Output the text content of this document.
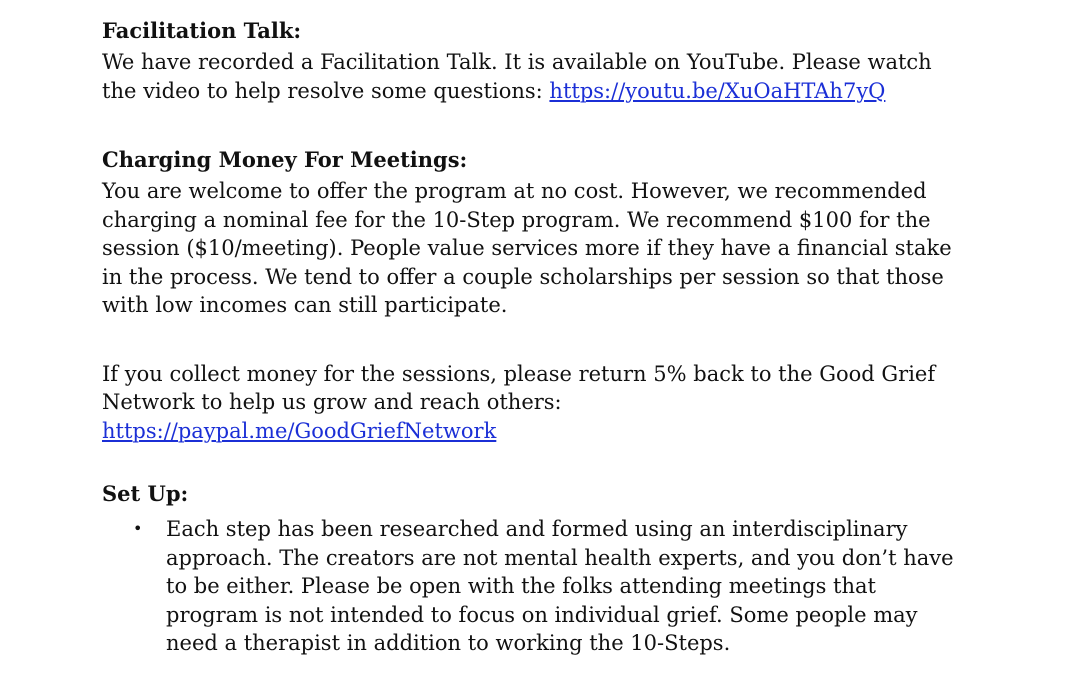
Facilitation Talk:

We have recorded a Facilitation Talk. It is available on YouTube. Please watch the video to help resolve some questions: https://youtu.be/XuOaHTAh7yQ

Charging Money For Meetings:

You are welcome to offer the program at no cost. However, we recommended charging a nominal fee for the 10-Step program. We recommend $100 for the session ($10/meeting). People value services more if they have a financial stake in the process. We tend to offer a couple scholarships per session so that those with low incomes can still participate.

If you collect money for the sessions, please return 5% back to the Good Grief Network to help us grow and reach others:
https://paypal.me/GoodGriefNetwork

Set Up:
• Each step has been researched and formed using an interdisciplinary approach. The creators are not mental health experts, and you don’t have to be either. Please be open with the folks attending meetings that program is not intended to focus on individual grief. Some people may need a therapist in addition to working the 10-Steps.
